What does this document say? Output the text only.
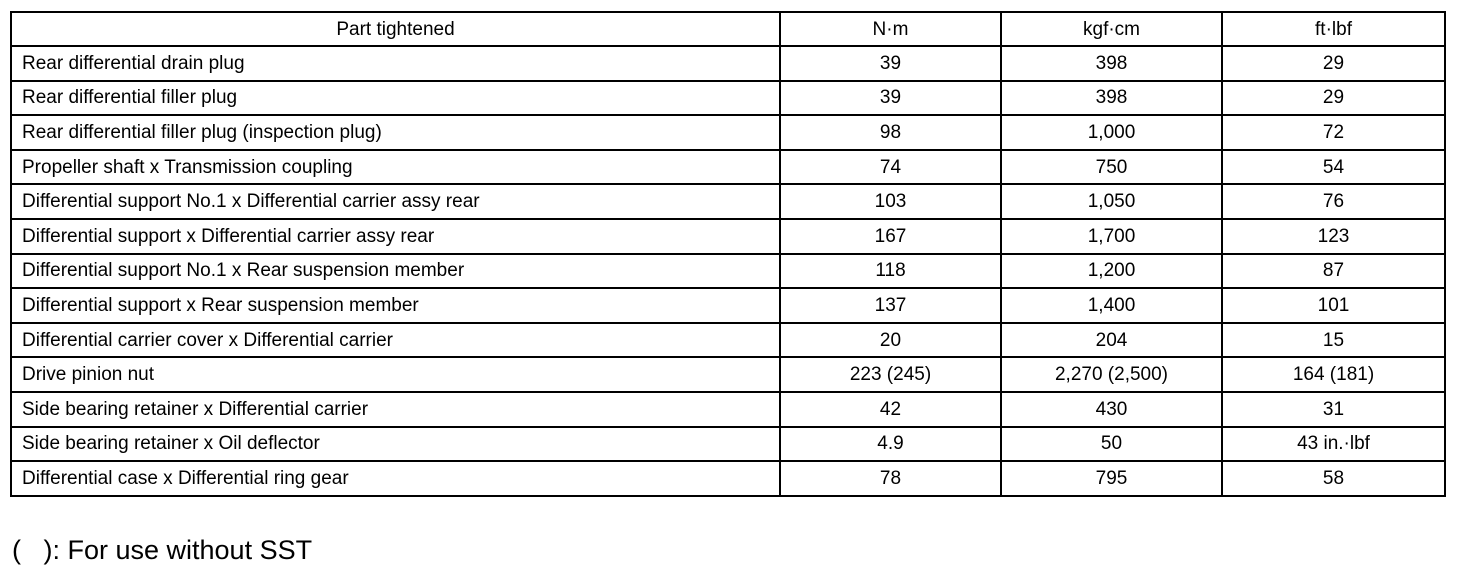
Part tightened	N·m	kgf·cm	ft·lbf
Rear differential drain plug	39	398	29
Rear differential filler plug	39	398	29
Rear differential filler plug (inspection plug)	98	1,000	72
Propeller shaft x Transmission coupling	74	750	54
Differential support No.1 x Differential carrier assy rear	103	1,050	76
Differential support x Differential carrier assy rear	167	1,700	123
Differential support No.1 x Rear suspension member	118	1,200	87
Differential support x Rear suspension member	137	1,400	101
Differential carrier cover x Differential carrier	20	204	15
Drive pinion nut	223 (245)	2,270 (2,500)	164 (181)
Side bearing retainer x Differential carrier	42	430	31
Side bearing retainer x Oil deflector	4.9	50	43 in.·lbf
Differential case x Differential ring gear	78	795	58
(   ): For use without SST
